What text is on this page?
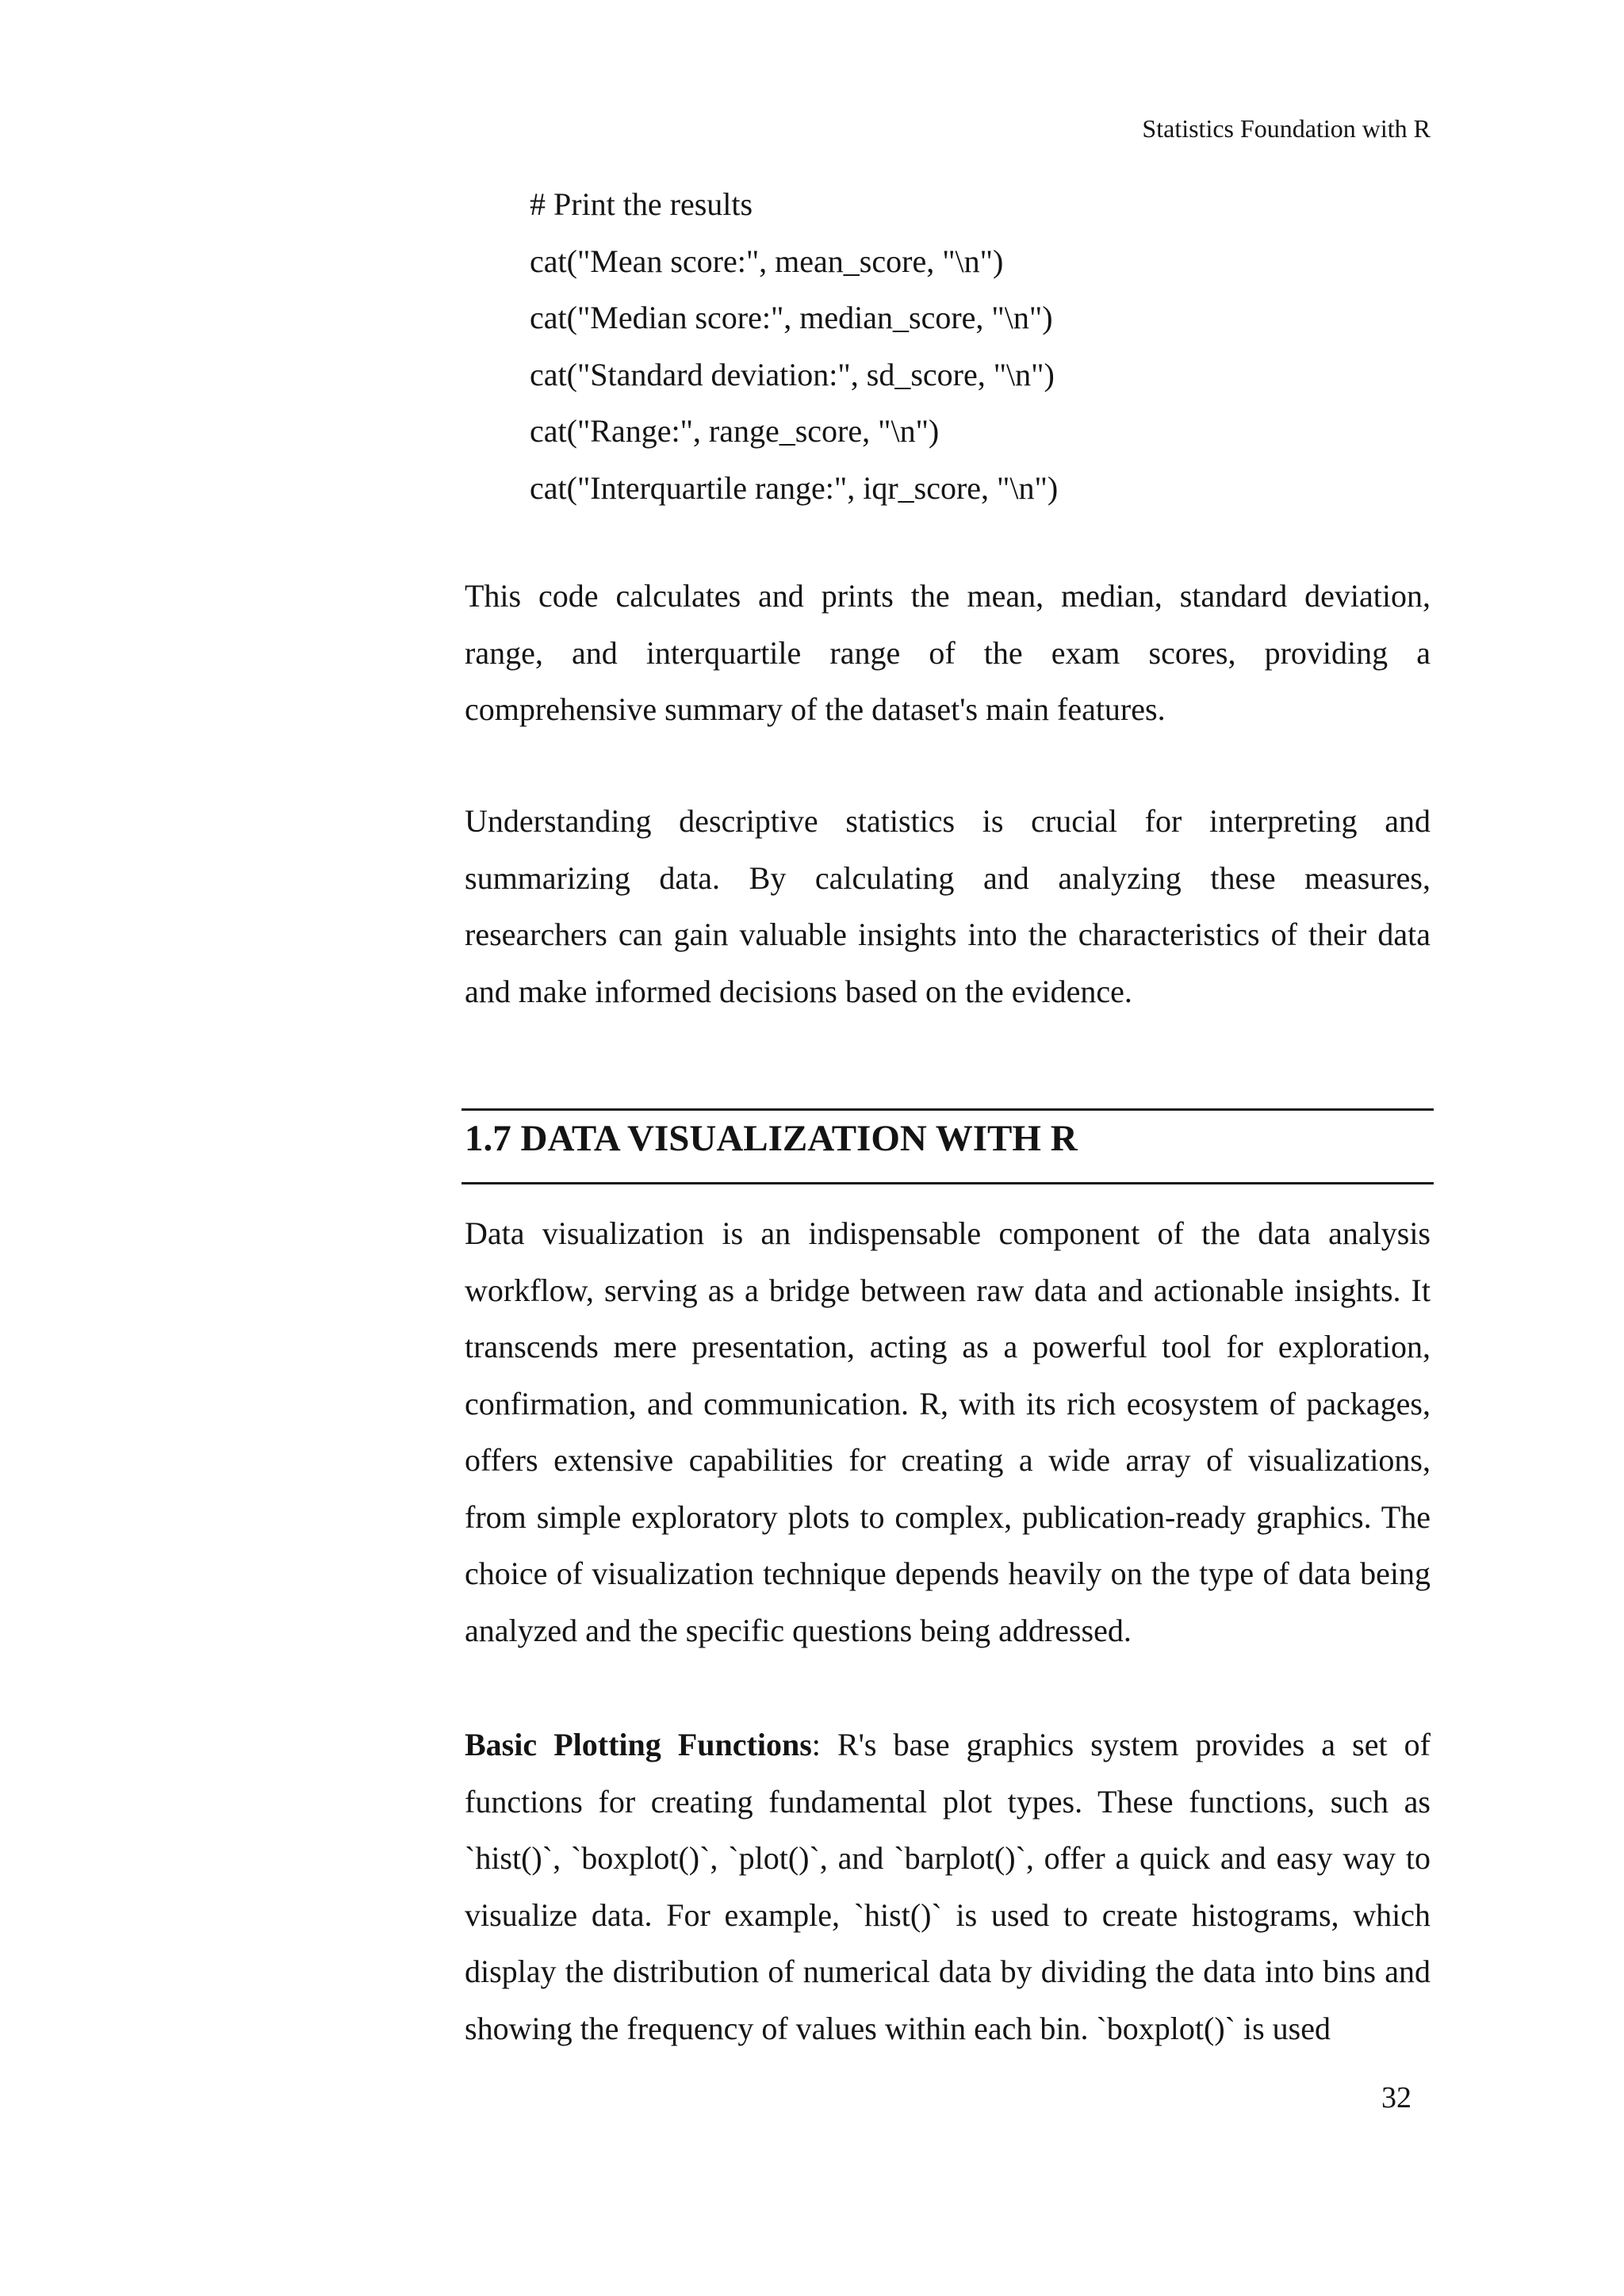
Statistics Foundation with R
# Print the results
cat("Mean score:", mean_score, "\n")
cat("Median score:", median_score, "\n")
cat("Standard deviation:", sd_score, "\n")
cat("Range:", range_score, "\n")
cat("Interquartile range:", iqr_score, "\n")

This code calculates and prints the mean, median, standard deviation, range, and interquartile range of the exam scores, providing a comprehensive summary of the dataset's main features.

Understanding descriptive statistics is crucial for interpreting and summarizing data. By calculating and analyzing these measures, researchers can gain valuable insights into the characteristics of their data and make informed decisions based on the evidence.

1.7 DATA VISUALIZATION WITH R

Data visualization is an indispensable component of the data analysis workflow, serving as a bridge between raw data and actionable insights. It transcends mere presentation, acting as a powerful tool for exploration, confirmation, and communication. R, with its rich ecosystem of packages, offers extensive capabilities for creating a wide array of visualizations, from simple exploratory plots to complex, publication-ready graphics. The choice of visualization technique depends heavily on the type of data being analyzed and the specific questions being addressed.

Basic Plotting Functions: R's base graphics system provides a set of functions for creating fundamental plot types. These functions, such as `hist()`, `boxplot()`, `plot()`, and `barplot()`, offer a quick and easy way to visualize data. For example, `hist()` is used to create histograms, which display the distribution of numerical data by dividing the data into bins and showing the frequency of values within each bin. `boxplot()` is used

32
